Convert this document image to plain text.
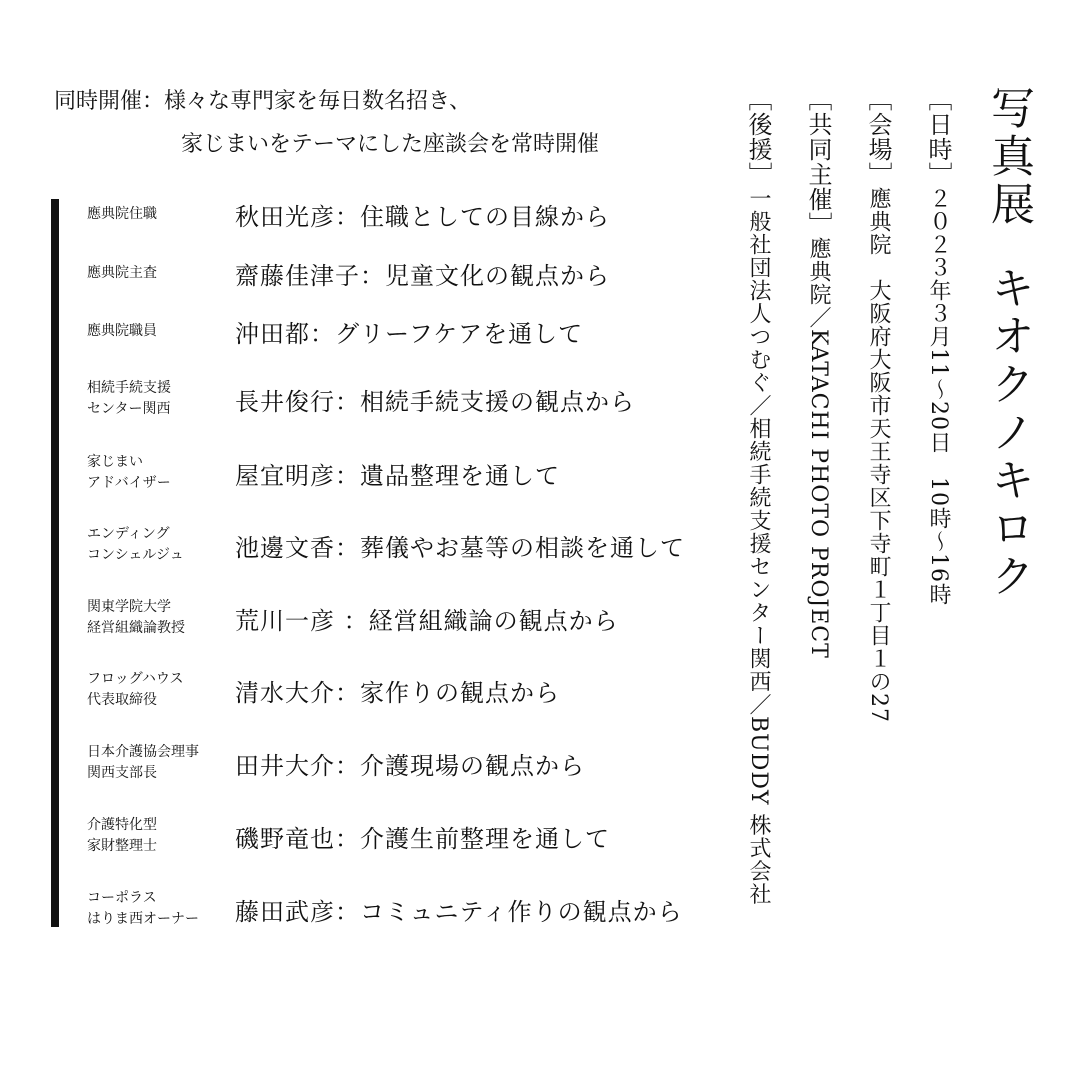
写真展キオクノキロク
［日時］２０２３年３月11～20日　10時～16時
［会場］應典院　大阪府大阪市天王寺区下寺町１丁目１の27
［共同主催］應典院／KATACHI PHOTO PROJECT
［後援］一般社団法人つむぐ／相続手続支援センター関西／BUDDY 株式会社
同時開催：様々な専門家を毎日数名招き、
家じまいをテーマにした座談会を常時開催
應典院住職	秋田光彦：住職としての目線から
應典院主査	齋藤佳津子：児童文化の観点から
應典院職員	沖田都：グリーフケアを通して
相続手続支援
センター関西	長井俊行：相続手続支援の観点から
家じまい
アドバイザー	屋宜明彦：遺品整理を通して
エンディング
コンシェルジュ	池邊文香：葬儀やお墓等の相談を通して
関東学院大学
経営組織論教授	荒川一彦 ：経営組織論の観点から
フロッグハウス
代表取締役	清水大介：家作りの観点から
日本介護協会理事
関西支部長	田井大介：介護現場の観点から
介護特化型
家財整理士	磯野竜也：介護生前整理を通して
コーポラス
はりま西オーナー	藤田武彦：コミュニティ作りの観点から
